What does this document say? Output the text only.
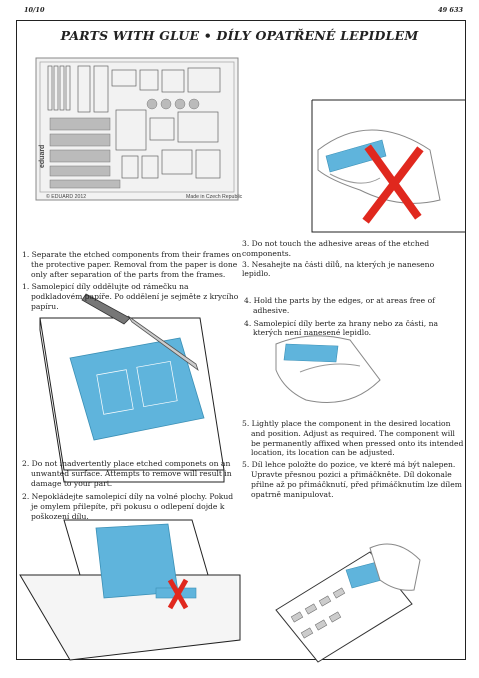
10/10	49 633
PARTS WITH GLUE • DÍLY OPATŘENÉ LEPIDLEM
eduard
© EDUARD 2012	Made in Czech Republic
3. Do not touch the adhesive areas of the etched components.
3. Nesahejte na části dílů, na kterých je naneseno lepidlo.
1. Separate the etched components from their frames on the protective paper. Removal from the paper is done only after separation of the parts from the frames.
1. Samolepicí díly oddělujte od rámečku na podkladovém papíře. Po oddělení je sejměte z krycího papíru.
4. Hold the parts by the edges, or at areas free of adhesive.
4. Samolepicí díly berte za hrany nebo za části, na kterých není nanesené lepidlo.
5. Lightly place the component in the desired location and position. Adjust as required. The component will be permanently affixed when pressed onto its intended location, its location can be adjusted.
5. Díl lehce položte do pozice, ve které má být nalepen. Upravte přesnou pozici a přimáčkněte. Díl dokonale přilne až po přimáčknutí, před přimáčknutím lze dílem opatrně manipulovat.
2. Do not inadvertently place etched componets on an unwanted surface. Attempts to remove will result in damage to your part.
2. Nepokládejte samolepicí díly na volné plochy. Pokud je omylem přilepíte, při pokusu o odlepení dojde k poškození dílu.
